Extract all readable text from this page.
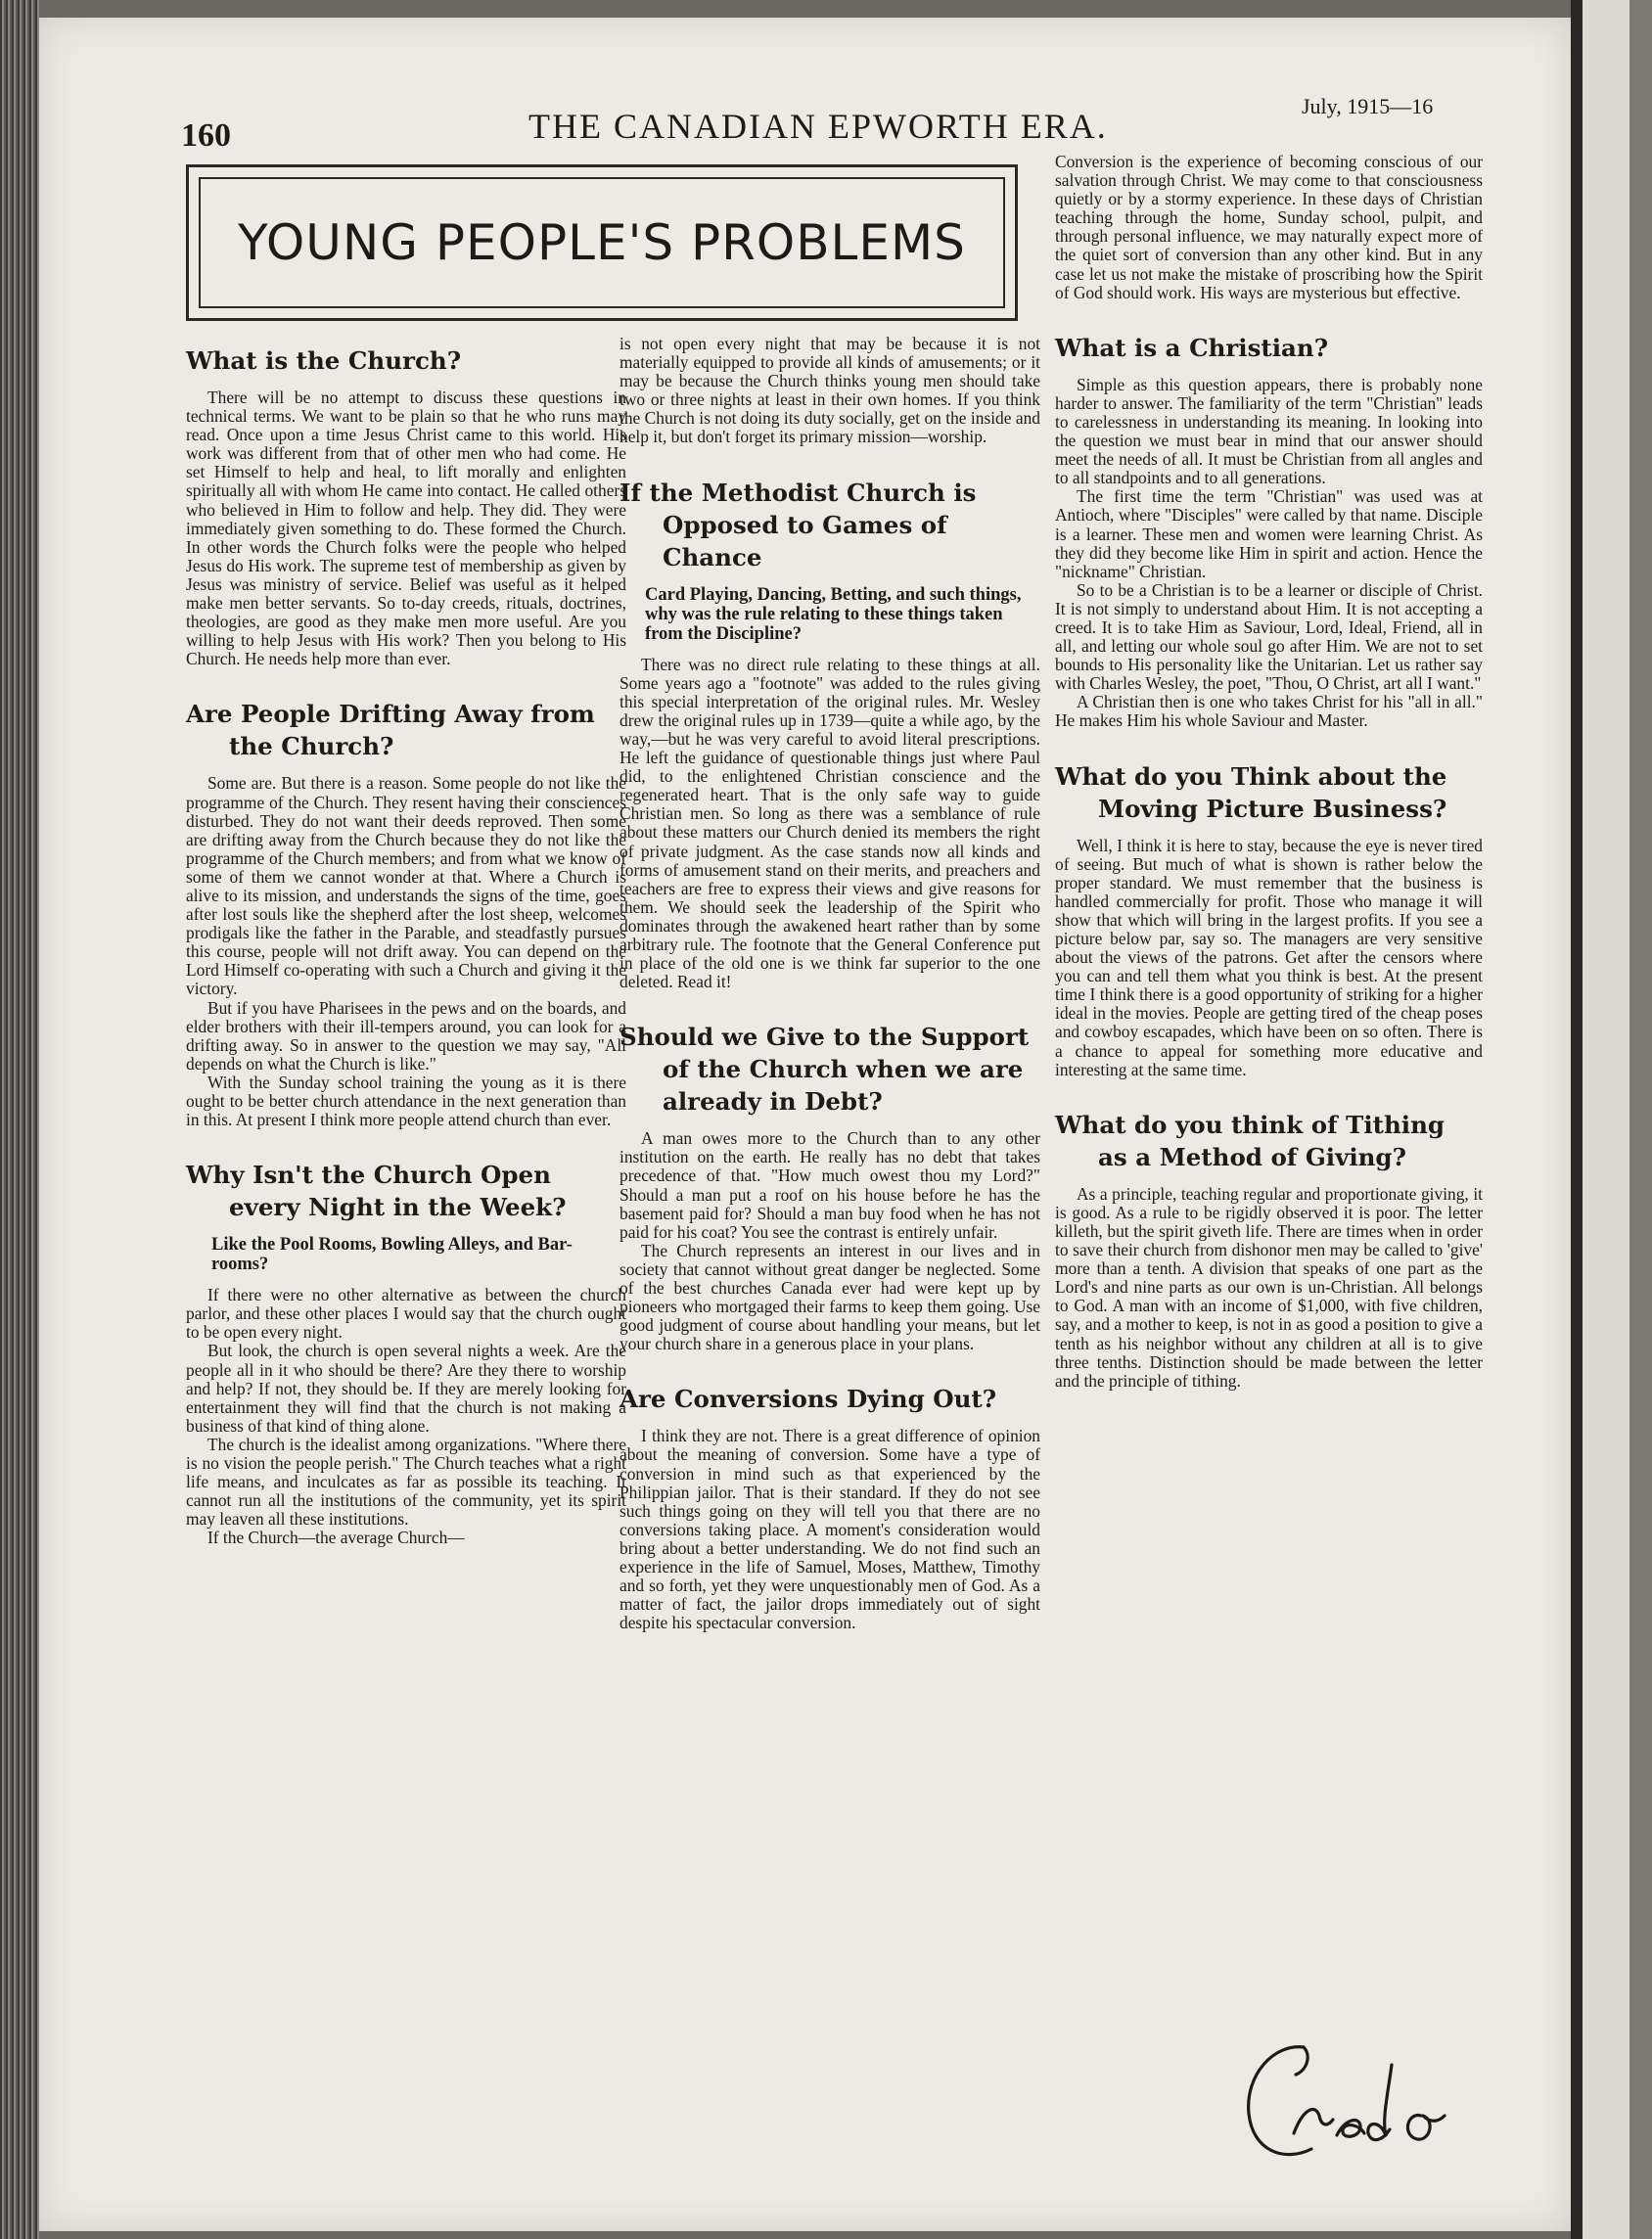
160	THE CANADIAN EPWORTH ERA.
July, 1915—16
YOUNG PEOPLE'S PROBLEMS
What is the Church?

There will be no attempt to discuss these questions in technical terms. We want to be plain so that he who runs may read. Once upon a time Jesus Christ came to this world. His work was different from that of other men who had come. He set Himself to help and heal, to lift morally and enlighten spiritually all with whom He came into contact. He called others who believed in Him to follow and help. They did. They were immediately given something to do. These formed the Church. In other words the Church folks were the people who helped Jesus do His work. The supreme test of membership as given by Jesus was ministry of service. Belief was useful as it helped make men better servants. So to-day creeds, rituals, doctrines, theologies, are good as they make men more useful. Are you willing to help Jesus with His work? Then you belong to His Church. He needs help more than ever.

Are People Drifting Away from

the Church?

Some are. But there is a reason. Some people do not like the programme of the Church. They resent having their consciences disturbed. They do not want their deeds reproved. Then some are drifting away from the Church because they do not like the programme of the Church members; and from what we know of some of them we cannot wonder at that. Where a Church is alive to its mission, and understands the signs of the time, goes after lost souls like the shepherd after the lost sheep, welcomes prodigals like the father in the Parable, and steadfastly pursues this course, people will not drift away. You can depend on the Lord Himself co-operating with such a Church and giving it the victory.

But if you have Pharisees in the pews and on the boards, and elder brothers with their ill-tempers around, you can look for a drifting away. So in answer to the question we may say, "All depends on what the Church is like."

With the Sunday school training the young as it is there ought to be better church attendance in the next generation than in this. At present I think more people attend church than ever.

Why Isn't the Church Open

every Night in the Week?
Like the Pool Rooms, Bowling Alleys, and Bar-rooms?

If there were no other alternative as between the church parlor, and these other places I would say that the church ought to be open every night.

But look, the church is open several nights a week. Are the people all in it who should be there? Are they there to worship and help? If not, they should be. If they are merely looking for entertainment they will find that the church is not making a business of that kind of thing alone.

The church is the idealist among organizations. "Where there is no vision the people perish." The Church teaches what a right life means, and inculcates as far as possible its teaching. It cannot run all the institutions of the community, yet its spirit may leaven all these institutions.

If the Church—the average Church—

is not open every night that may be because it is not materially equipped to provide all kinds of amusements; or it may be because the Church thinks young men should take two or three nights at least in their own homes. If you think the Church is not doing its duty socially, get on the inside and help it, but don't forget its primary mission—worship.

If the Methodist Church is

Opposed to Games of Chance
Card Playing, Dancing, Betting, and such things, why was the rule relating to these things taken from the Discipline?

There was no direct rule relating to these things at all. Some years ago a "footnote" was added to the rules giving this special interpretation of the original rules. Mr. Wesley drew the original rules up in 1739—quite a while ago, by the way,—but he was very careful to avoid literal prescriptions. He left the guidance of questionable things just where Paul did, to the enlightened Christian conscience and the regenerated heart. That is the only safe way to guide Christian men. So long as there was a semblance of rule about these matters our Church denied its members the right of private judgment. As the case stands now all kinds and forms of amusement stand on their merits, and preachers and teachers are free to express their views and give reasons for them. We should seek the leadership of the Spirit who dominates through the awakened heart rather than by some arbitrary rule. The footnote that the General Conference put in place of the old one is we think far superior to the one deleted. Read it!

Should we Give to the Support

of the Church when we are
already in Debt?

A man owes more to the Church than to any other institution on the earth. He really has no debt that takes precedence of that. "How much owest thou my Lord?" Should a man put a roof on his house before he has the basement paid for? Should a man buy food when he has not paid for his coat? You see the contrast is entirely unfair.

The Church represents an interest in our lives and in society that cannot without great danger be neglected. Some of the best churches Canada ever had were kept up by pioneers who mortgaged their farms to keep them going. Use good judgment of course about handling your means, but let your church share in a generous place in your plans.

Are Conversions Dying Out?

I think they are not. There is a great difference of opinion about the meaning of conversion. Some have a type of conversion in mind such as that experienced by the Philippian jailor. That is their standard. If they do not see such things going on they will tell you that there are no conversions taking place. A moment's consideration would bring about a better understanding. We do not find such an experience in the life of Samuel, Moses, Matthew, Timothy and so forth, yet they were unquestionably men of God. As a matter of fact, the jailor drops immediately out of sight despite his spectacular conversion.

Conversion is the experience of becoming conscious of our salvation through Christ. We may come to that consciousness quietly or by a stormy experience. In these days of Christian teaching through the home, Sunday school, pulpit, and through personal influence, we may naturally expect more of the quiet sort of conversion than any other kind. But in any case let us not make the mistake of proscribing how the Spirit of God should work. His ways are mysterious but effective.

What is a Christian?

Simple as this question appears, there is probably none harder to answer. The familiarity of the term "Christian" leads to carelessness in understanding its meaning. In looking into the question we must bear in mind that our answer should meet the needs of all. It must be Christian from all angles and to all standpoints and to all generations.

The first time the term "Christian" was used was at Antioch, where "Disciples" were called by that name. Disciple is a learner. These men and women were learning Christ. As they did they become like Him in spirit and action. Hence the "nickname" Christian.

So to be a Christian is to be a learner or disciple of Christ. It is not simply to understand about Him. It is not accepting a creed. It is to take Him as Saviour, Lord, Ideal, Friend, all in all, and letting our whole soul go after Him. We are not to set bounds to His personality like the Unitarian. Let us rather say with Charles Wesley, the poet, "Thou, O Christ, art all I want."

A Christian then is one who takes Christ for his "all in all." He makes Him his whole Saviour and Master.

What do you Think about the

Moving Picture Business?

Well, I think it is here to stay, because the eye is never tired of seeing. But much of what is shown is rather below the proper standard. We must remember that the business is handled commercially for profit. Those who manage it will show that which will bring in the largest profits. If you see a picture below par, say so. The managers are very sensitive about the views of the patrons. Get after the censors where you can and tell them what you think is best. At the present time I think there is a good opportunity of striking for a higher ideal in the movies. People are getting tired of the cheap poses and cowboy escapades, which have been on so often. There is a chance to appeal for something more educative and interesting at the same time.

What do you think of Tithing

as a Method of Giving?

As a principle, teaching regular and proportionate giving, it is good. As a rule to be rigidly observed it is poor. The letter killeth, but the spirit giveth life. There are times when in order to save their church from dishonor men may be called to 'give' more than a tenth. A division that speaks of one part as the Lord's and nine parts as our own is un-Christian. All belongs to God. A man with an income of $1,000, with five children, say, and a mother to keep, is not in as good a position to give a tenth as his neighbor without any children at all is to give three tenths. Distinction should be made between the letter and the principle of tithing.
